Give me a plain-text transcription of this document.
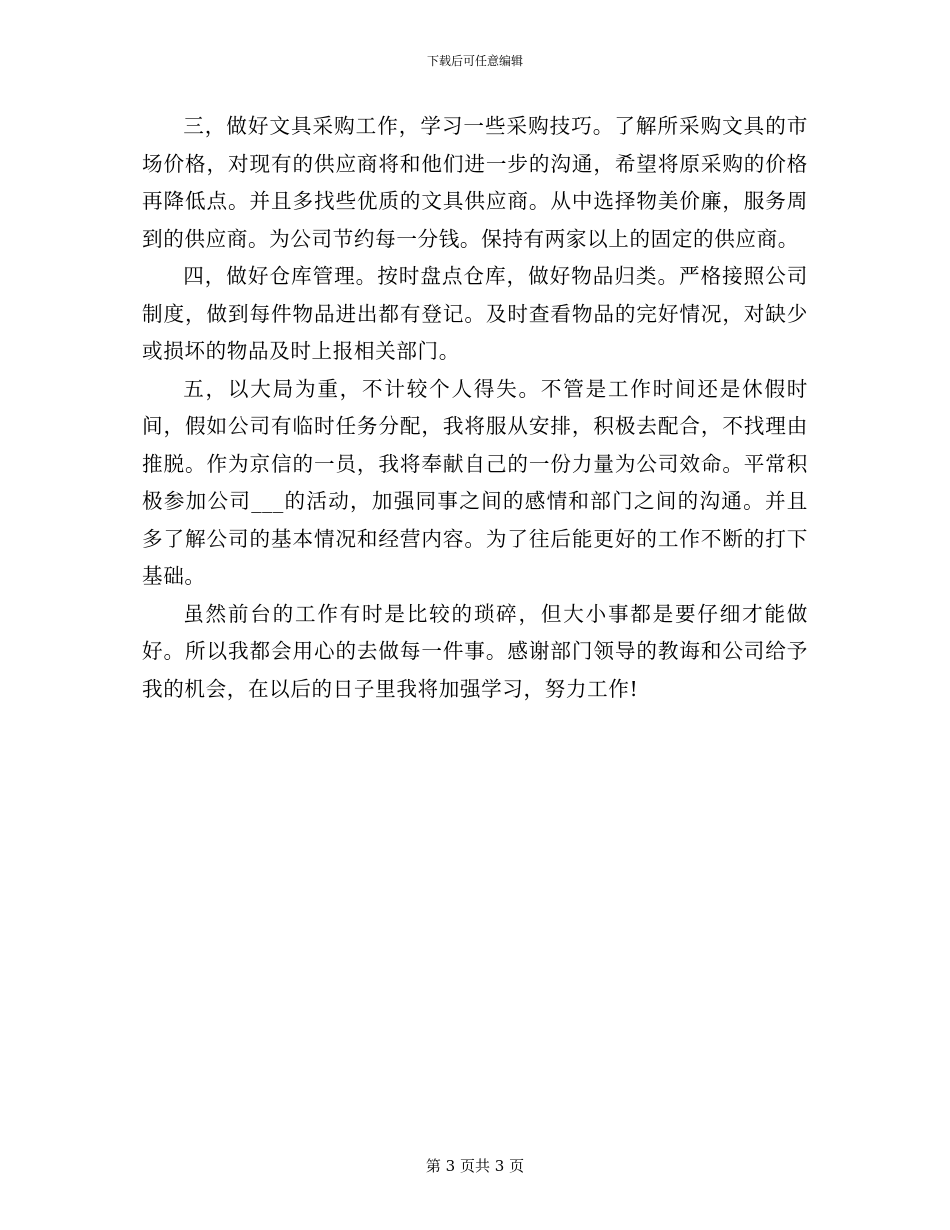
下载后可任意编辑

三，做好文具采购工作，学习一些采购技巧。了解所采购文具的市场价格，对现有的供应商将和他们进一步的沟通，希望将原采购的价格再降低点。并且多找些优质的文具供应商。从中选择物美价廉，服务周到的供应商。为公司节约每一分钱。保持有两家以上的固定的供应商。

四，做好仓库管理。按时盘点仓库，做好物品归类。严格接照公司制度，做到每件物品进出都有登记。及时查看物品的完好情况，对缺少或损坏的物品及时上报相关部门。

五，以大局为重，不计较个人得失。不管是工作时间还是休假时间，假如公司有临时任务分配，我将服从安排，积极去配合，不找理由推脱。作为京信的一员，我将奉献自己的一份力量为公司效命。平常积极参加公司___的活动，加强同事之间的感情和部门之间的沟通。并且多了解公司的基本情况和经营内容。为了往后能更好的工作不断的打下基础。

虽然前台的工作有时是比较的琐碎，但大小事都是要仔细才能做好。所以我都会用心的去做每一件事。感谢部门领导的教诲和公司给予我的机会，在以后的日子里我将加强学习，努力工作!

第 3 页共 3 页
